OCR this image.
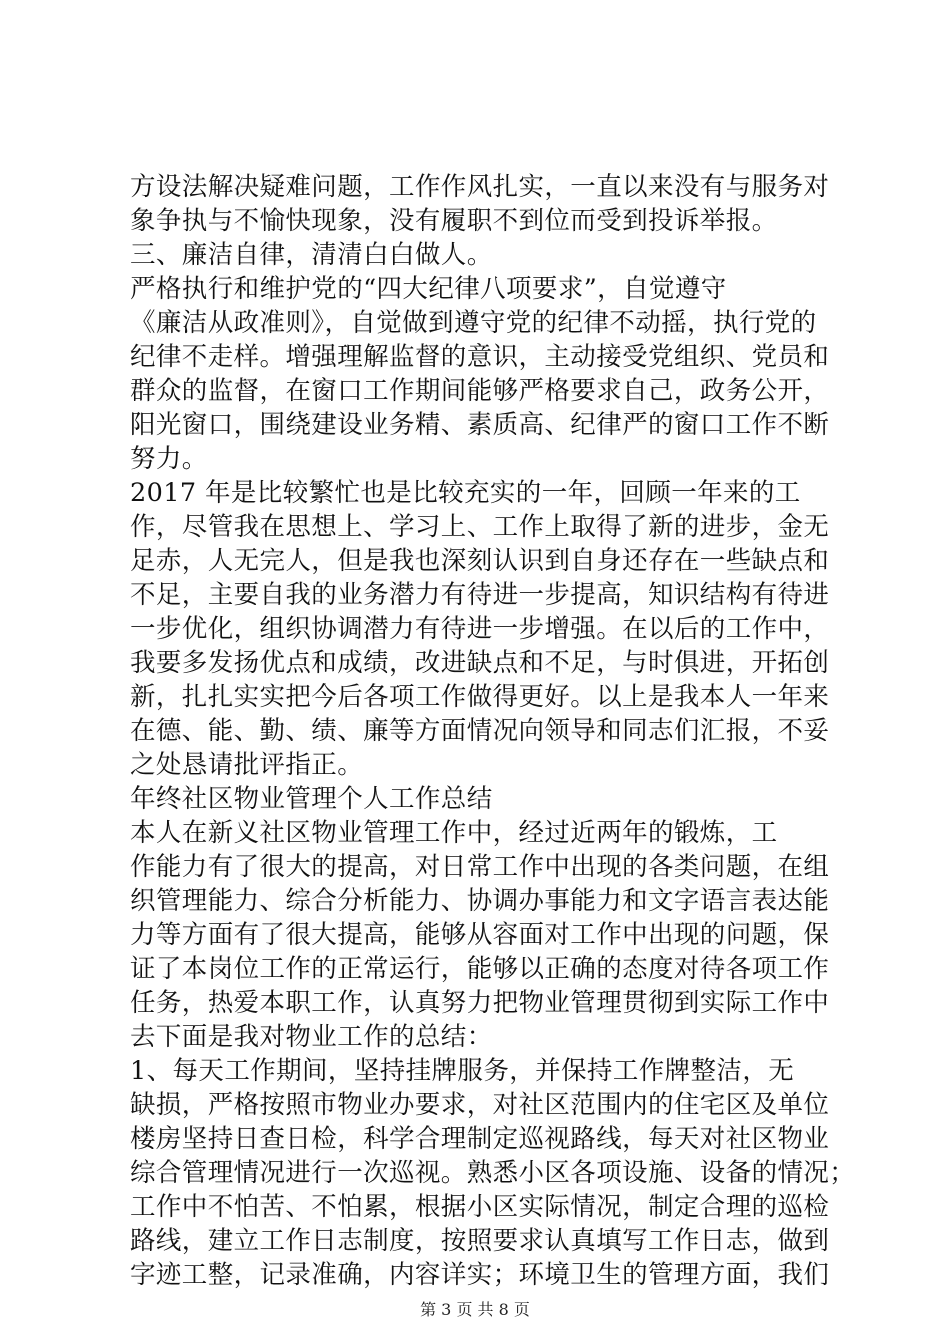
方设法解决疑难问题，工作作风扎实，一直以来没有与服务对
象争执与不愉快现象，没有履职不到位而受到投诉举报。
三、廉洁自律，清清白白做人。
严格执行和维护党的“四大纪律八项要求”，自觉遵守
《廉洁从政准则》，自觉做到遵守党的纪律不动摇，执行党的
纪律不走样。增强理解监督的意识，主动接受党组织、党员和
群众的监督，在窗口工作期间能够严格要求自己，政务公开，
阳光窗口，围绕建设业务精、素质高、纪律严的窗口工作不断
努力。
2017 年是比较繁忙也是比较充实的一年，回顾一年来的工
作，尽管我在思想上、学习上、工作上取得了新的进步，金无
足赤，人无完人，但是我也深刻认识到自身还存在一些缺点和
不足，主要自我的业务潜力有待进一步提高，知识结构有待进
一步优化，组织协调潜力有待进一步增强。在以后的工作中，
我要多发扬优点和成绩，改进缺点和不足，与时俱进，开拓创
新，扎扎实实把今后各项工作做得更好。以上是我本人一年来
在德、能、勤、绩、廉等方面情况向领导和同志们汇报，不妥
之处恳请批评指正。
年终社区物业管理个人工作总结
本人在新义社区物业管理工作中，经过近两年的锻炼，工
作能力有了很大的提高，对日常工作中出现的各类问题，在组
织管理能力、综合分析能力、协调办事能力和文字语言表达能
力等方面有了很大提高，能够从容面对工作中出现的问题，保
证了本岗位工作的正常运行，能够以正确的态度对待各项工作
任务，热爱本职工作，认真努力把物业管理贯彻到实际工作中
去下面是我对物业工作的总结：
1、每天工作期间，坚持挂牌服务，并保持工作牌整洁，无
缺损，严格按照市物业办要求，对社区范围内的住宅区及单位
楼房坚持日查日检，科学合理制定巡视路线，每天对社区物业
综合管理情况进行一次巡视。熟悉小区各项设施、设备的情况；
工作中不怕苦、不怕累，根据小区实际情况，制定合理的巡检
路线，建立工作日志制度，按照要求认真填写工作日志，做到
字迹工整，记录准确，内容详实；环境卫生的管理方面，我们
第 3 页 共 8 页
